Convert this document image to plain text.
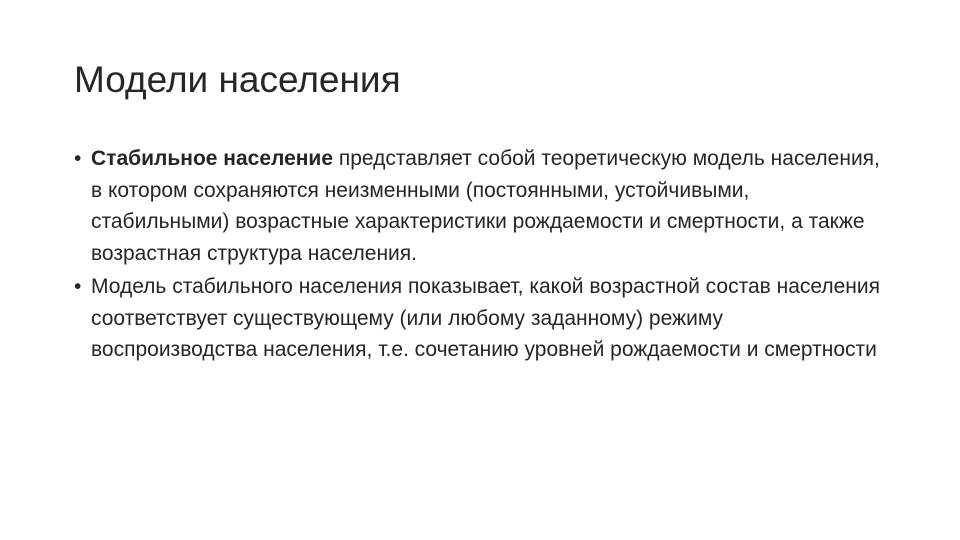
Модели населения
• Стабильное население представляет собой теоретическую модель населения, в котором сохраняются неизменными (постоянными, устойчивыми, стабильными) возрастные характеристики рождаемости и смертности, а также возрастная структура населения.
• Модель стабильного населения показывает, какой возрастной состав населения соответствует существующему (или любому заданному) режиму воспроизводства населения, т.е. сочетанию уровней рождаемости и смертности
